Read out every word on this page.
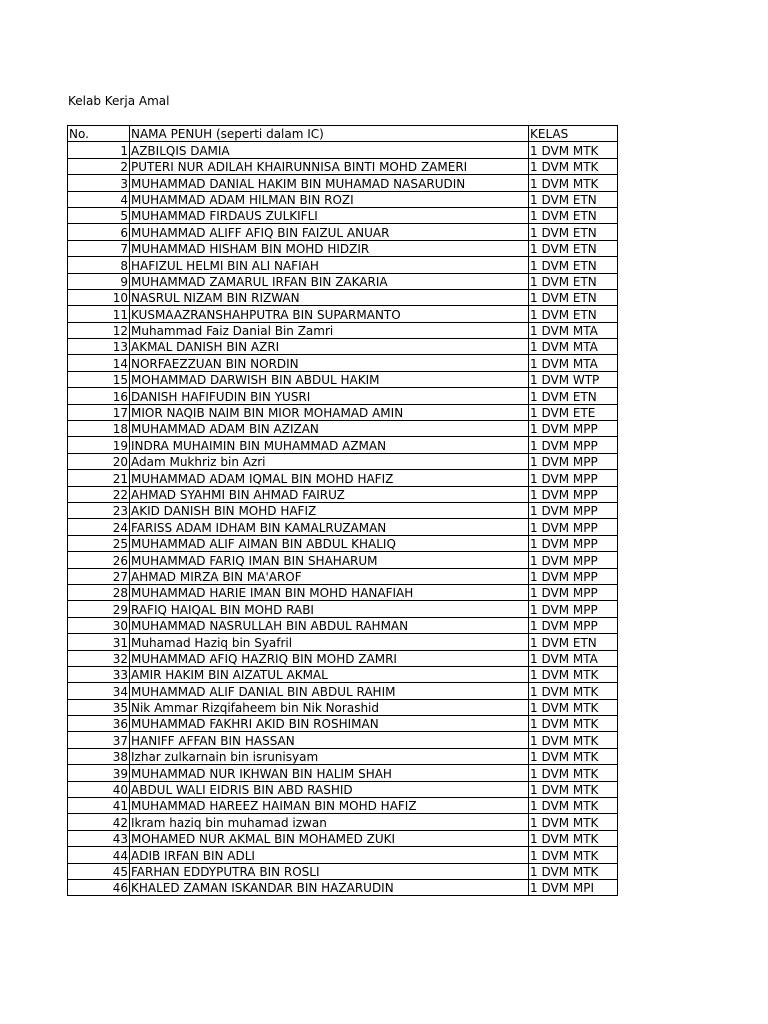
Kelab Kerja Amal
No.	NAMA PENUH (seperti dalam IC)	KELAS
1	AZBILQIS DAMIA	1 DVM MTK
2	PUTERI NUR ADILAH KHAIRUNNISA BINTI MOHD ZAMERI	1 DVM MTK
3	MUHAMMAD DANIAL HAKIM BIN MUHAMAD NASARUDIN	1 DVM MTK
4	MUHAMMAD ADAM HILMAN BIN ROZI	1 DVM ETN
5	MUHAMMAD FIRDAUS ZULKIFLI	1 DVM ETN
6	MUHAMMAD ALIFF AFIQ BIN FAIZUL ANUAR	1 DVM ETN
7	MUHAMMAD HISHAM BIN MOHD HIDZIR	1 DVM ETN
8	HAFIZUL HELMI BIN ALI NAFIAH	1 DVM ETN
9	MUHAMMAD ZAMARUL IRFAN BIN ZAKARIA	1 DVM ETN
10	NASRUL NIZAM BIN RIZWAN	1 DVM ETN
11	KUSMAAZRANSHAHPUTRA BIN SUPARMANTO	1 DVM ETN
12	Muhammad Faiz Danial Bin Zamri	1 DVM MTA
13	AKMAL DANISH BIN AZRI	1 DVM MTA
14	NORFAEZZUAN BIN NORDIN	1 DVM MTA
15	MOHAMMAD DARWISH BIN ABDUL HAKIM	1 DVM WTP
16	DANISH HAFIFUDIN BIN YUSRI	1 DVM ETN
17	MIOR NAQIB NAIM BIN MIOR MOHAMAD AMIN	1 DVM ETE
18	MUHAMMAD ADAM BIN AZIZAN	1 DVM MPP
19	INDRA MUHAIMIN BIN MUHAMMAD AZMAN	1 DVM MPP
20	Adam Mukhriz bin Azri	1 DVM MPP
21	MUHAMMAD ADAM IQMAL BIN MOHD HAFIZ	1 DVM MPP
22	AHMAD SYAHMI BIN AHMAD FAIRUZ	1 DVM MPP
23	AKID DANISH BIN MOHD HAFIZ	1 DVM MPP
24	FARISS ADAM IDHAM BIN KAMALRUZAMAN	1 DVM MPP
25	MUHAMMAD ALIF AIMAN BIN ABDUL KHALIQ	1 DVM MPP
26	MUHAMMAD FARIQ IMAN BIN SHAHARUM	1 DVM MPP
27	AHMAD MIRZA BIN MA'AROF	1 DVM MPP
28	MUHAMMAD HARIE IMAN BIN MOHD HANAFIAH	1 DVM MPP
29	RAFIQ HAIQAL BIN MOHD RABI	1 DVM MPP
30	MUHAMMAD NASRULLAH BIN ABDUL RAHMAN	1 DVM MPP
31	Muhamad Haziq bin Syafril	1 DVM ETN
32	MUHAMMAD AFIQ HAZRIQ BIN MOHD ZAMRI	1 DVM MTA
33	AMIR HAKIM BIN AIZATUL AKMAL	1 DVM MTK
34	MUHAMMAD ALIF DANIAL BIN ABDUL RAHIM	1 DVM MTK
35	Nik Ammar Rizqifaheem bin Nik Norashid	1 DVM MTK
36	MUHAMMAD FAKHRI AKID BIN ROSHIMAN	1 DVM MTK
37	HANIFF AFFAN BIN HASSAN	1 DVM MTK
38	Izhar zulkarnain bin isrunisyam	1 DVM MTK
39	MUHAMMAD NUR IKHWAN BIN HALIM SHAH	1 DVM MTK
40	ABDUL WALI EIDRIS BIN ABD RASHID	1 DVM MTK
41	MUHAMMAD HAREEZ HAIMAN BIN MOHD HAFIZ	1 DVM MTK
42	Ikram haziq bin muhamad izwan	1 DVM MTK
43	MOHAMED NUR AKMAL BIN MOHAMED ZUKI	1 DVM MTK
44	ADIB IRFAN BIN ADLI	1 DVM MTK
45	FARHAN EDDYPUTRA BIN ROSLI	1 DVM MTK
46	KHALED ZAMAN ISKANDAR BIN HAZARUDIN	1 DVM MPI
